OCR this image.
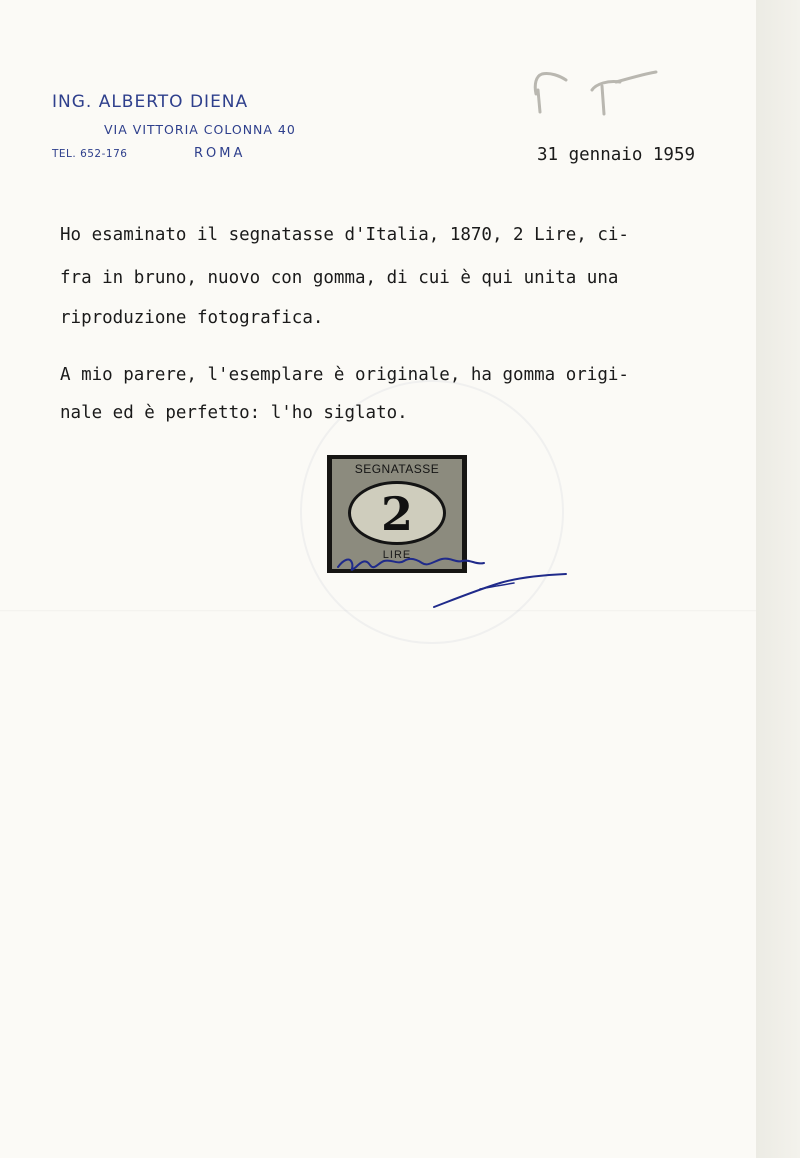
ING. ALBERTO DIENA
VIA VITTORIA COLONNA 40
TEL. 652-176	ROMA	31 gennaio 1959
Ho esaminato il segnatasse d'Italia, 1870, 2 Lire, ci-
fra in bruno, nuovo con gomma, di cui è qui unita una
riproduzione fotografica.
A mio parere, l'esemplare è originale, ha gomma origi-
nale ed è perfetto: l'ho siglato.
SEGNATASSE
2
LIRE
